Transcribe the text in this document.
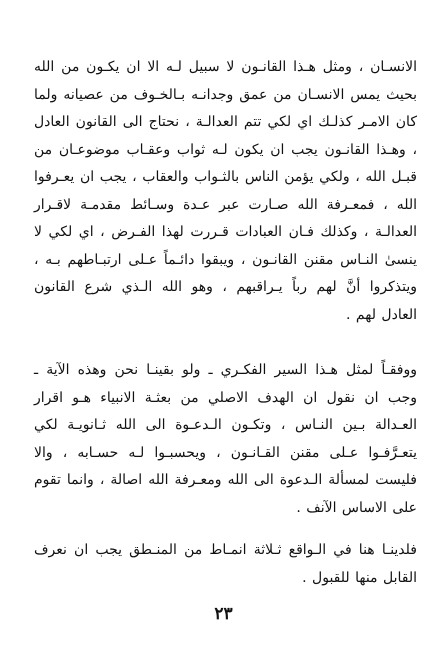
الانسـان ، ومثل هـذا القانـون لا سبيل لـه الا ان يكـون من الله بحيث يمس الانسـان من عمق وجدانـه بـالخـوف من عصيانه ولما كان الامـر كذلـك اي لكي تتم العدالـة ، نحتاج الى القانون العادل ، وهـذا القانـون يجب ان يكون لـه ثواب وعقـاب موضوعـان من قبـل الله ، ولكي يؤمن الناس بالثـواب والعقاب ، يجب ان يعـرفوا الله ، فمعـرفة الله صـارت عبر عـدة وسـائط مقدمـة لاقـرار العدالـة ، وكذلك فـان العبادات قـررت لهذا الفـرض ، اي لكي لا ينسىٰ النـاس مقنن القانـون ، ويبقوا دائـماً عـلى ارتبـاطهم بـه ، ويتذكروا أنَّ لهم رباً يـراقبهم ، وهو الله الـذي شرع القانون العادل لهم .

ووفقـاً لمثل هـذا السير الفكـري ـ ولو بقينـا نحن وهذه الآية ـ وجب ان نقول ان الهدف الاصلي من بعثـة الانبياء هـو اقرار العـدالة بـين النـاس ، وتكـون الـدعـوة الى الله ثـانويـة لكي يتعـرَّفـوا عـلى مقنن القـانـون ، ويحسبـوا لـه حسـابه ، والا فليست لمسألة الـدعوة الى الله ومعـرفة الله اصالة ، وانما تقوم على الاساس الآنف .

فلدينـا هنا في الـواقع ثـلاثة انمـاط من المنـطق يجب ان نعرف القابل منها للقبول .

٢٣
